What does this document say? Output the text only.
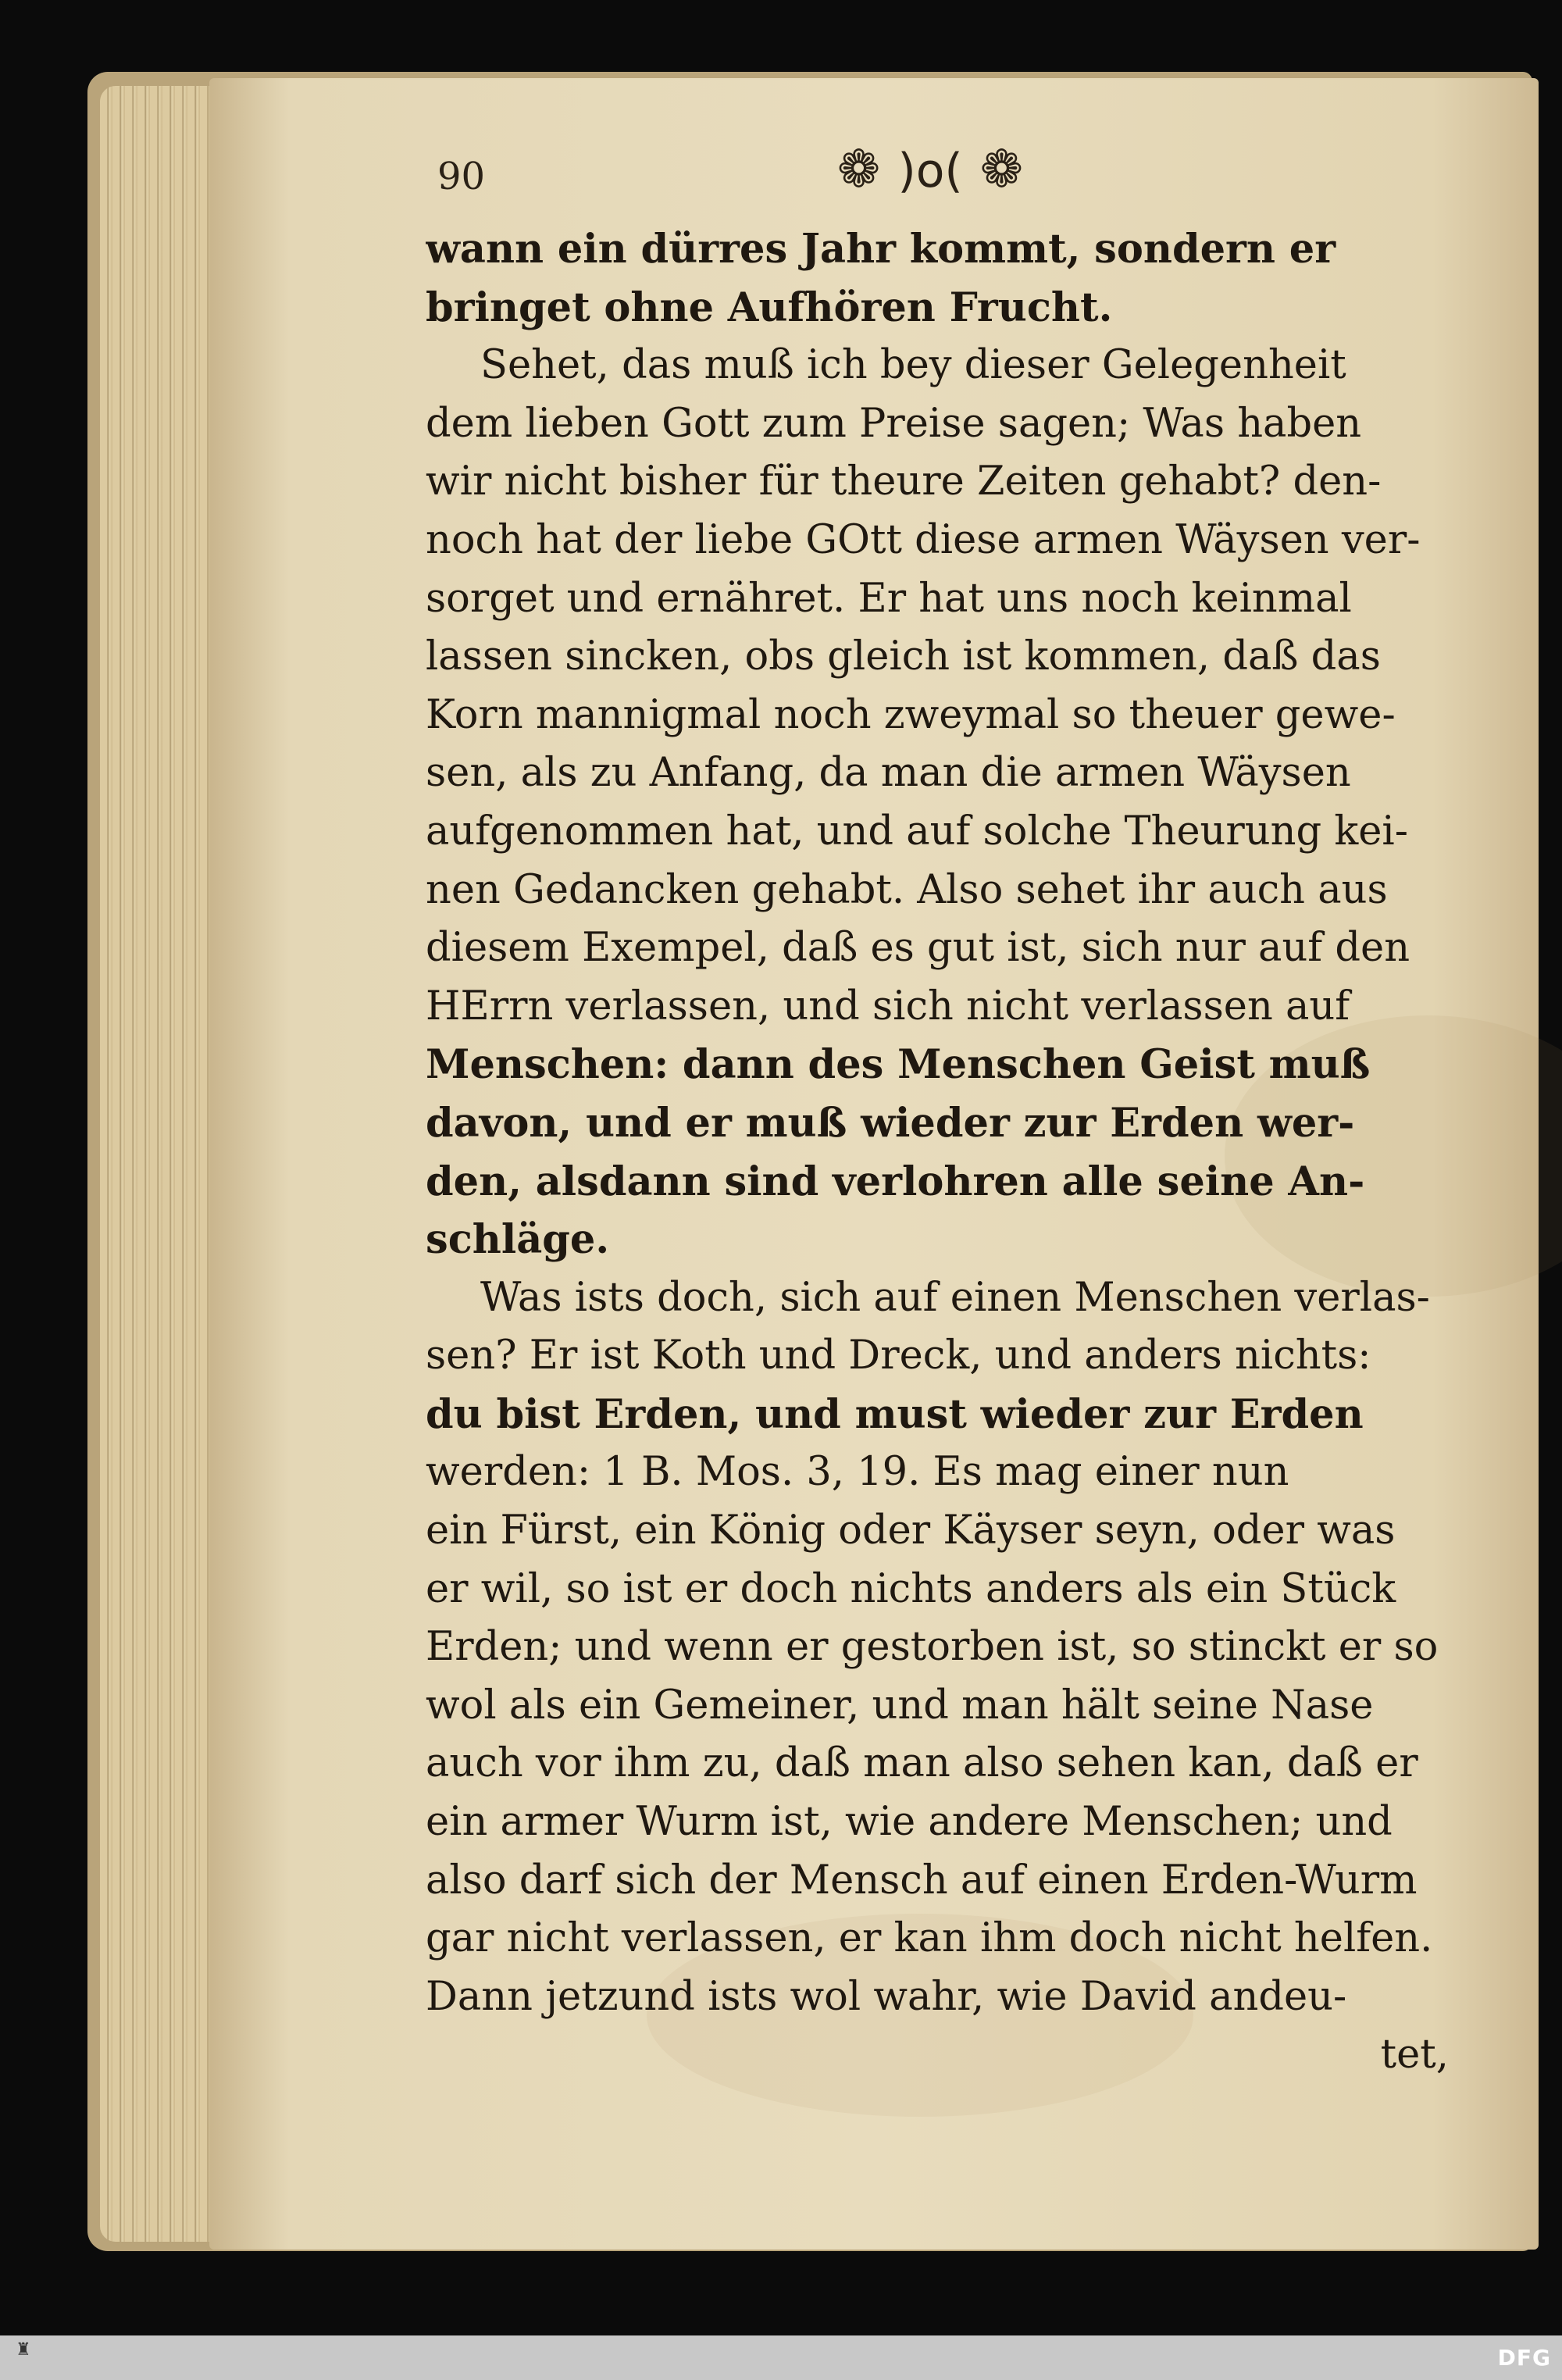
90	❁ )o( ❁
wann ein dürres Jahr kommt, sondern er
bringet ohne Aufhören Frucht.
Sehet, das muß ich bey dieser Gelegenheit
dem lieben Gott zum Preise sagen; Was haben
wir nicht bisher für theure Zeiten gehabt? den-
noch hat der liebe GOtt diese armen Wäysen ver-
sorget und ernähret. Er hat uns noch keinmal
lassen sincken, obs gleich ist kommen, daß das
Korn mannigmal noch zweymal so theuer gewe-
sen, als zu Anfang, da man die armen Wäysen
aufgenommen hat, und auf solche Theurung kei-
nen Gedancken gehabt. Also sehet ihr auch aus
diesem Exempel, daß es gut ist, sich nur auf den
HErrn verlassen, und sich nicht verlassen auf
Menschen: dann des Menschen Geist muß
davon, und er muß wieder zur Erden wer-
den, alsdann sind verlohren alle seine An-
schläge.
Was ists doch, sich auf einen Menschen verlas-
sen? Er ist Koth und Dreck, und anders nichts:
du bist Erden, und must wieder zur Erden
werden: 1 B. Mos. 3, 19. Es mag einer nun
ein Fürst, ein König oder Käyser seyn, oder was
er wil, so ist er doch nichts anders als ein Stück
Erden; und wenn er gestorben ist, so stinckt er so
wol als ein Gemeiner, und man hält seine Nase
auch vor ihm zu, daß man also sehen kan, daß er
ein armer Wurm ist, wie andere Menschen; und
also darf sich der Mensch auf einen Erden-Wurm
gar nicht verlassen, er kan ihm doch nicht helfen.
Dann jetzund ists wol wahr, wie David andeu-
tet,
♜	DFG
